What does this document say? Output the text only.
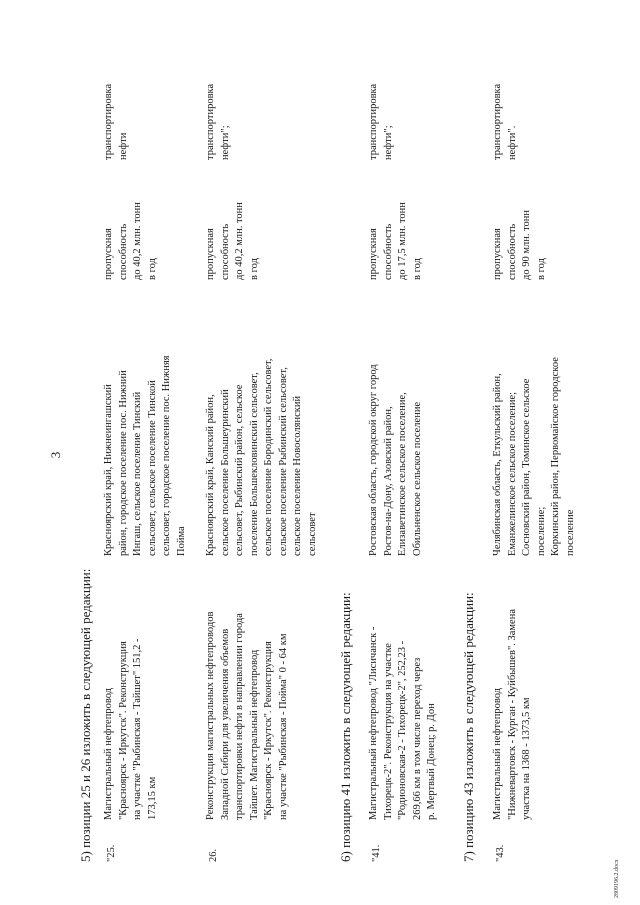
3
5) позиции 25 и 26 изложить в следующей редакции:	6) позицию 41 изложить в следующей редакции:	7) позицию 43 изложить в следующей редакции:
"25.
Магистральный нефтепровод "Красноярск - Иркутск". Реконструкция на участке "Рыбинская - Тайшет" 151,2 - 173,15 км
Красноярский край, Нижнеингашский район, городское поселение пос. Нижний Ингаш, сельское поселение Тинский сельсовет, сельское поселение Тинской сельсовет, городское поселение пос. Нижняя Пойма
пропускная способность до 40,2 млн. тонн в год
транспортировка нефти
26.
Реконструкция магистральных нефтепроводов Западной Сибири для увеличения объемов транспортировки нефти в направлении города Тайшет. Магистральный нефтепровод "Красноярск - Иркутск". Реконструкция на участке "Рыбинская - Пойма" 0 - 64 км
Красноярский край, Канский район, сельское поселение Большеуринский сельсовет, Рыбинский район, сельское поселение Большекловинский сельсовет, сельское поселение Бородинский сельсовет, сельское поселение Рыбинский сельсовет, сельское поселение Новосолянский сельсовет
пропускная способность до 40,2 млн. тонн в год
транспортировка нефти";
"41.
Магистральный нефтепровод "Лисичанск - Тихорецк-2". Реконструкция на участке "Родионовская-2 - Тихорецк-2", 252,23 - 269,66 км в том числе переход через р. Мертвый Донец; р. Дон
Ростовская область, городской округ город Ростов-на-Дону, Азовский район, Елизаветинское сельское поселение, Обильненское сельское поселение
пропускная способность до 17,5 млн. тонн в год
транспортировка нефти";
"43.
Магистральный нефтепровод "Нижневартовск - Курган - Куйбышев". Замена участка на 1368 - 1373,5 км
Челябинская область, Еткульский район, Еманжелинское сельское поселение; Сосновский район, Томинское сельское поселение; Коркинский район, Первомайское городское поселение
пропускная способность до 90 млн. тонн в год
транспортировка нефти".
2809196.2.docx
